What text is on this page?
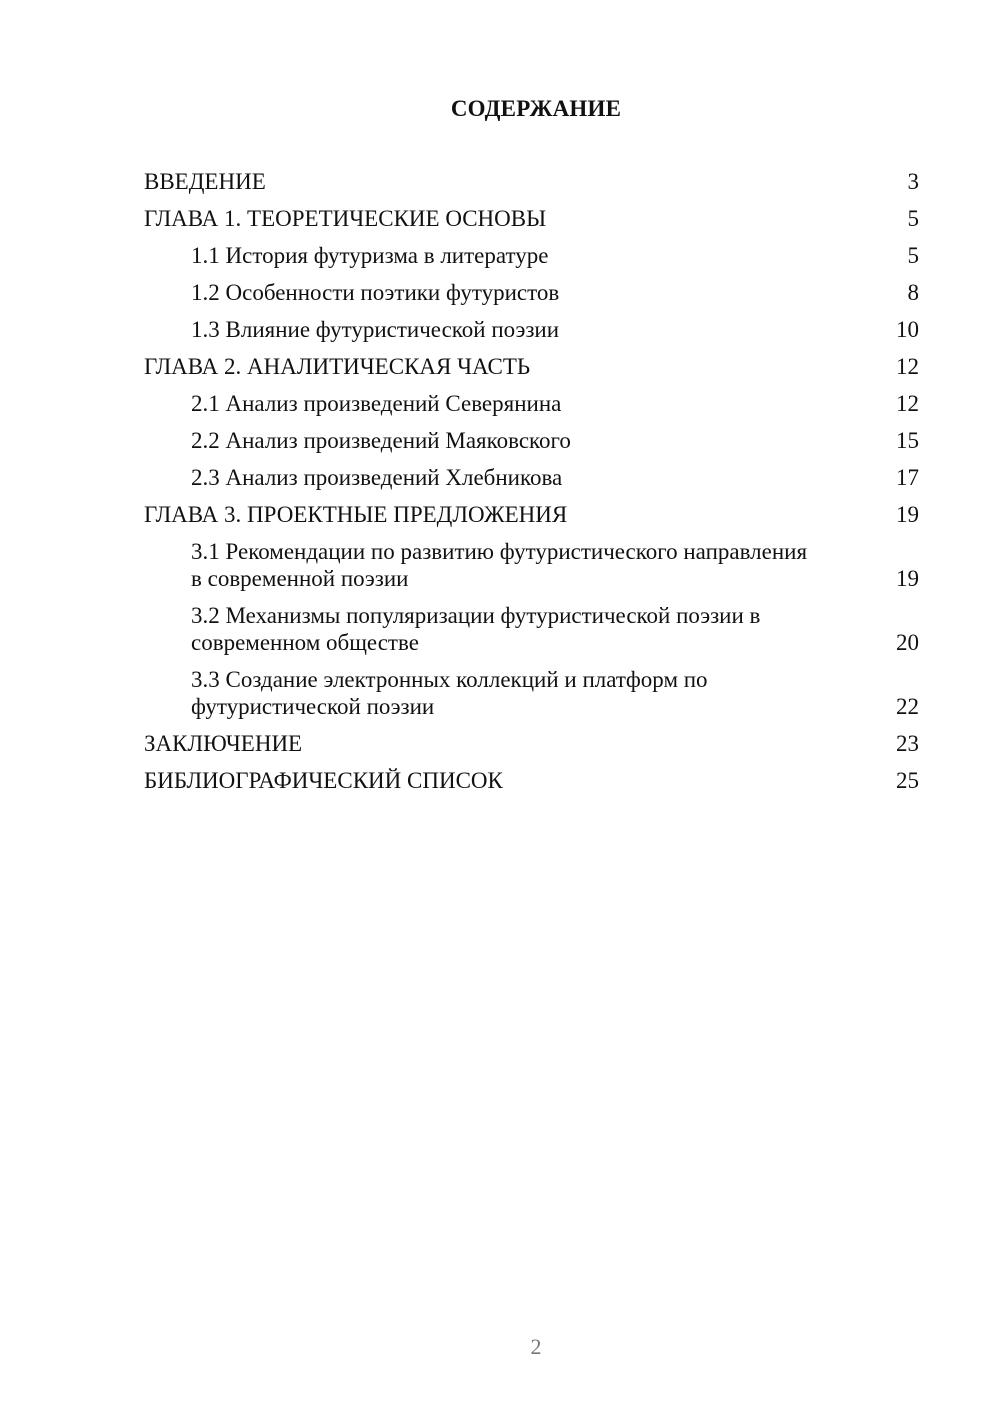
СОДЕРЖАНИЕ
ВВЕДЕНИЕ	3
ГЛАВА 1. ТЕОРЕТИЧЕСКИЕ ОСНОВЫ	5
1.1 История футуризма в литературе	5
1.2 Особенности поэтики футуристов	8
1.3 Влияние футуристической поэзии	10
ГЛАВА 2. АНАЛИТИЧЕСКАЯ ЧАСТЬ	12
2.1 Анализ произведений Северянина	12
2.2 Анализ произведений Маяковского	15
2.3 Анализ произведений Хлебникова	17
ГЛАВА 3. ПРОЕКТНЫЕ ПРЕДЛОЖЕНИЯ	19
3.1 Рекомендации по развитию футуристического направления в современной поэзии	19
3.2 Механизмы популяризации футуристической поэзии в современном обществе	20
3.3 Создание электронных коллекций и платформ по футуристической поэзии	22
ЗАКЛЮЧЕНИЕ	23
БИБЛИОГРАФИЧЕСКИЙ СПИСОК	25
2
